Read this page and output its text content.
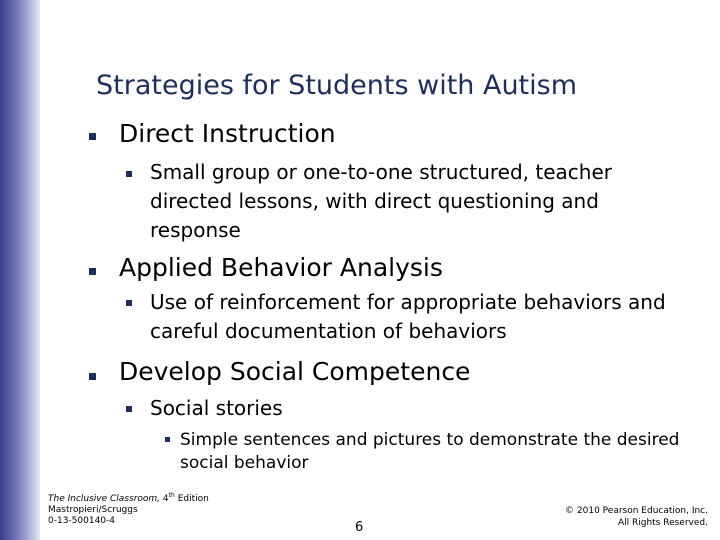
Strategies for Students with Autism
Direct Instruction
Small group or one-to-one structured, teacher directed lessons, with direct questioning and response
Applied Behavior Analysis
Use of reinforcement for appropriate behaviors and careful documentation of behaviors
Develop Social Competence
Social stories
Simple sentences and pictures to demonstrate the desired social behavior
The Inclusive Classroom, 4th Edition
Mastropieri/Scruggs
0-13-500140-4	6
© 2010 Pearson Education, Inc.
All Rights Reserved.
